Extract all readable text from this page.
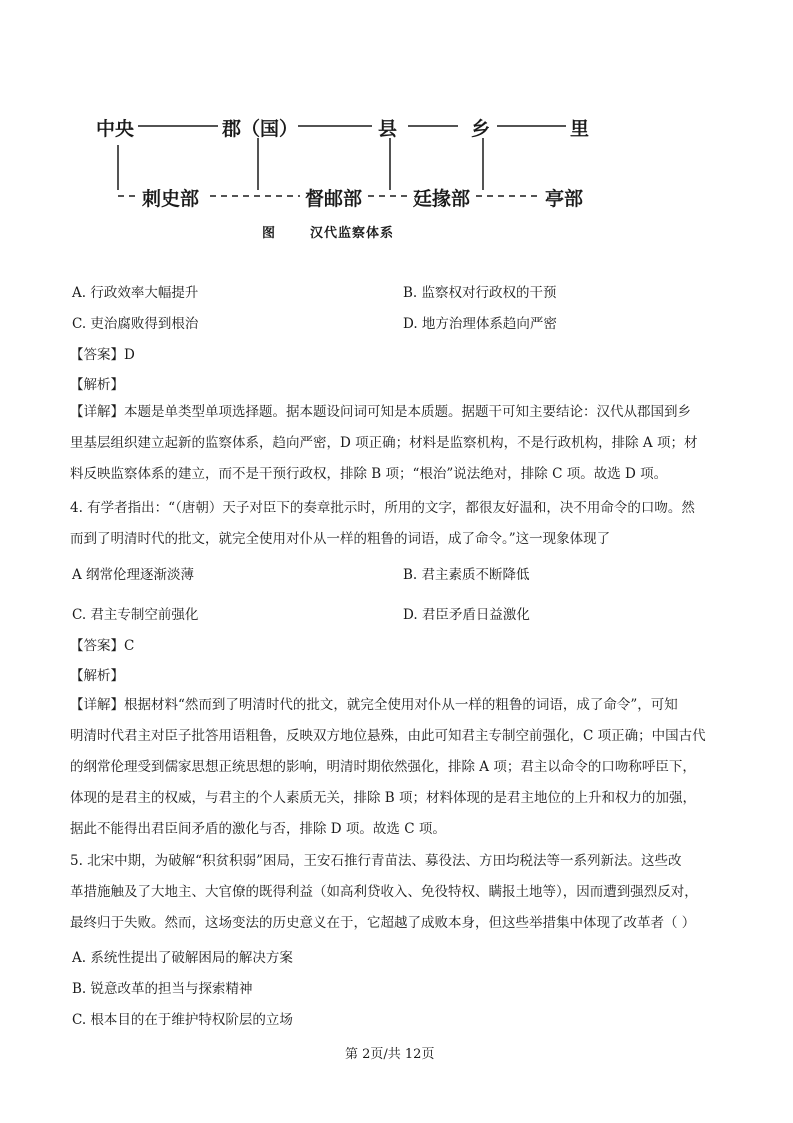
中央	郡（国）	县	乡	里
刺史部	督邮部	廷掾部	亭部
图	汉代监察体系
A. 行政效率大幅提升	B. 监察权对行政权的干预
C. 吏治腐败得到根治	D. 地方治理体系趋向严密
【答案】D
【解析】
【详解】本题是单类型单项选择题。据本题设问词可知是本质题。据题干可知主要结论：汉代从郡国到乡
里基层组织建立起新的监察体系，趋向严密，D 项正确；材料是监察机构，不是行政机构，排除 A 项；材
料反映监察体系的建立，而不是干预行政权，排除 B 项；“根治”说法绝对，排除 C 项。故选 D 项。
4. 有学者指出：“（唐朝）天子对臣下的奏章批示时，所用的文字，都很友好温和，决不用命令的口吻。然
而到了明清时代的批文，就完全使用对仆从一样的粗鲁的词语，成了命令。”这一现象体现了
A 纲常伦理逐渐淡薄	B. 君主素质不断降低
C. 君主专制空前强化	D. 君臣矛盾日益激化
【答案】C
【解析】
【详解】根据材料“然而到了明清时代的批文，就完全使用对仆从一样的粗鲁的词语，成了命令”，可知
明清时代君主对臣子批答用语粗鲁，反映双方地位悬殊，由此可知君主专制空前强化，C 项正确；中国古代
的纲常伦理受到儒家思想正统思想的影响，明清时期依然强化，排除 A 项；君主以命令的口吻称呼臣下，
体现的是君主的权威，与君主的个人素质无关，排除 B 项；材料体现的是君主地位的上升和权力的加强，
据此不能得出君臣间矛盾的激化与否，排除 D 项。故选 C 项。
5. 北宋中期，为破解“积贫积弱”困局，王安石推行青苗法、募役法、方田均税法等一系列新法。这些改
革措施触及了大地主、大官僚的既得利益（如高利贷收入、免役特权、瞒报土地等），因而遭到强烈反对，
最终归于失败。然而，这场变法的历史意义在于，它超越了成败本身，但这些举措集中体现了改革者（ ）
A. 系统性提出了破解困局的解决方案
B. 锐意改革的担当与探索精神
C. 根本目的在于维护特权阶层的立场
第 2页/共 12页
